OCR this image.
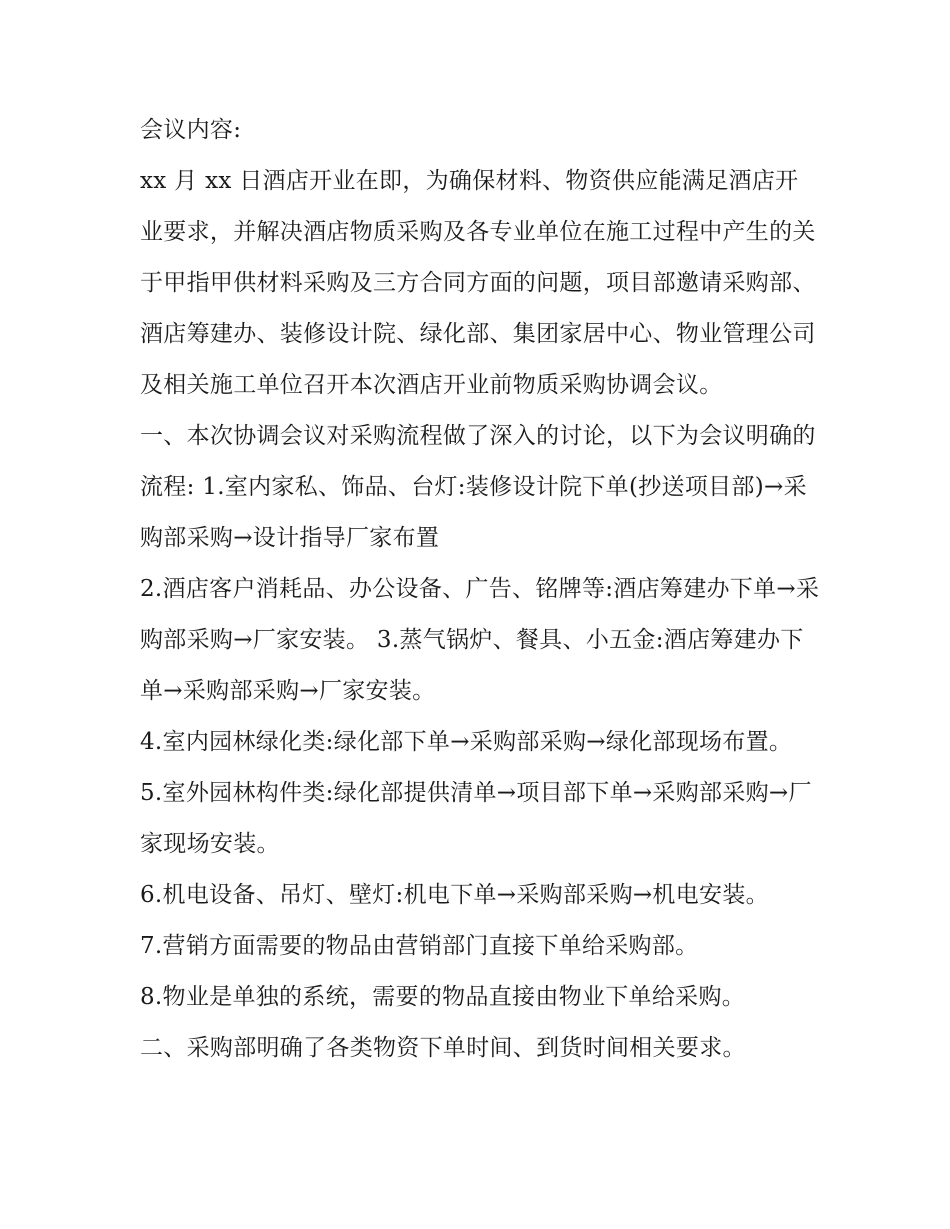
会议内容:

xx 月 xx 日酒店开业在即，为确保材料、物资供应能满足酒店开业要求，并解决酒店物质采购及各专业单位在施工过程中产生的关于甲指甲供材料采购及三方合同方面的问题，项目部邀请采购部、酒店筹建办、装修设计院、绿化部、集团家居中心、物业管理公司及相关施工单位召开本次酒店开业前物质采购协调会议。

一、本次协调会议对采购流程做了深入的讨论，以下为会议明确的流程: 1.室内家私、饰品、台灯:装修设计院下单(抄送项目部)→采购部采购→设计指导厂家布置

2.酒店客户消耗品、办公设备、广告、铭牌等:酒店筹建办下单→采购部采购→厂家安装。 3.蒸气锅炉、餐具、小五金:酒店筹建办下单→采购部采购→厂家安装。

4.室内园林绿化类:绿化部下单→采购部采购→绿化部现场布置。 5.室外园林构件类:绿化部提供清单→项目部下单→采购部采购→厂家现场安装。

6.机电设备、吊灯、壁灯:机电下单→采购部采购→机电安装。

7.营销方面需要的物品由营销部门直接下单给采购部。

8.物业是单独的系统，需要的物品直接由物业下单给采购。

二、采购部明确了各类物资下单时间、到货时间相关要求。
